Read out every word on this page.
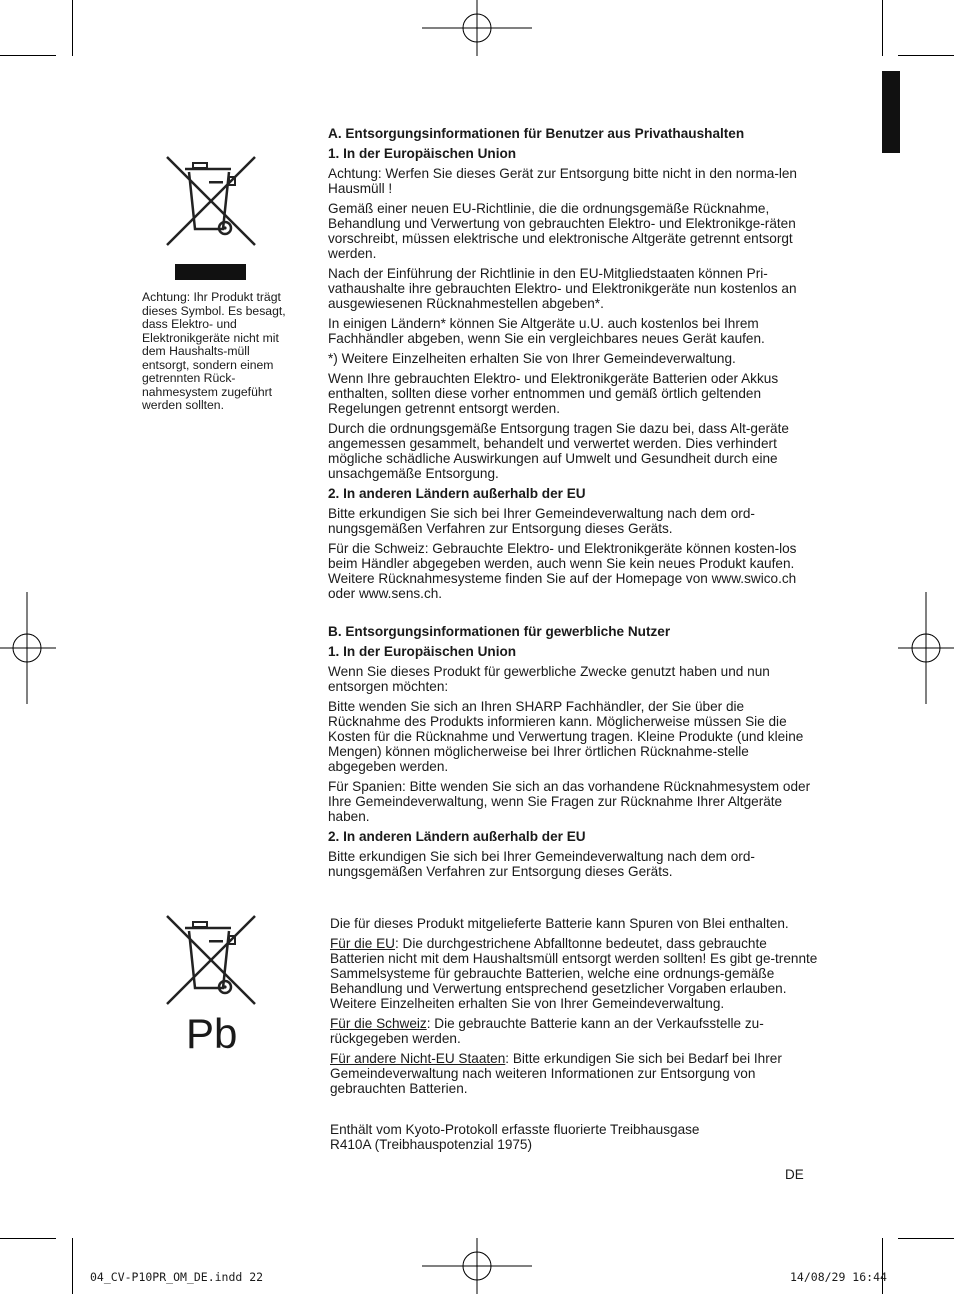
Achtung: Ihr Produkt trägt dieses Symbol. Es besagt, dass Elektro- und Elektronikgeräte nicht mit dem Haushalts-müll entsorgt, sondern einem getrennten Rück-nahmesystem zugeführt werden sollten.
A. Entsorgungsinformationen für Benutzer aus Privathaushalten
1. In der Europäischen Union

Achtung: Werfen Sie dieses Gerät zur Entsorgung bitte nicht in den norma-len Hausmüll !

Gemäß einer neuen EU-Richtlinie, die die ordnungsgemäße Rücknahme, Behandlung und Verwertung von gebrauchten Elektro- und Elektronikge-räten vorschreibt, müssen elektrische und elektronische Altgeräte getrennt entsorgt werden.

Nach der Einführung der Richtlinie in den EU-Mitgliedstaaten können Pri-vathaushalte ihre gebrauchten Elektro- und Elektronikgeräte nun kostenlos an ausgewiesenen Rücknahmestellen abgeben*.

In einigen Ländern* können Sie Altgeräte u.U. auch kostenlos bei Ihrem Fachhändler abgeben, wenn Sie ein vergleichbares neues Gerät kaufen.

*) Weitere Einzelheiten erhalten Sie von Ihrer Gemeindeverwaltung.

Wenn Ihre gebrauchten Elektro- und Elektronikgeräte Batterien oder Akkus enthalten, sollten diese vorher entnommen und gemäß örtlich geltenden Regelungen getrennt entsorgt werden.

Durch die ordnungsgemäße Entsorgung tragen Sie dazu bei, dass Alt-geräte angemessen gesammelt, behandelt und verwertet werden. Dies verhindert mögliche schädliche Auswirkungen auf Umwelt und Gesundheit durch eine unsachgemäße Entsorgung.

2. In anderen Ländern außerhalb der EU

Bitte erkundigen Sie sich bei Ihrer Gemeindeverwaltung nach dem ord-nungsgemäßen Verfahren zur Entsorgung dieses Geräts.

Für die Schweiz: Gebrauchte Elektro- und Elektronikgeräte können kosten-los beim Händler abgegeben werden, auch wenn Sie kein neues Produkt kaufen. Weitere Rücknahmesysteme finden Sie auf der Homepage von www.swico.ch oder www.sens.ch.

B. Entsorgungsinformationen für gewerbliche Nutzer
1. In der Europäischen Union

Wenn Sie dieses Produkt für gewerbliche Zwecke genutzt haben und nun entsorgen möchten:

Bitte wenden Sie sich an Ihren SHARP Fachhändler, der Sie über die Rücknahme des Produkts informieren kann. Möglicherweise müssen Sie die Kosten für die Rücknahme und Verwertung tragen. Kleine Produkte (und kleine Mengen) können möglicherweise bei Ihrer örtlichen Rücknahme-stelle abgegeben werden.

Für Spanien: Bitte wenden Sie sich an das vorhandene Rücknahmesystem oder Ihre Gemeindeverwaltung, wenn Sie Fragen zur Rücknahme Ihrer Altgeräte haben.

2. In anderen Ländern außerhalb der EU

Bitte erkundigen Sie sich bei Ihrer Gemeindeverwaltung nach dem ord-nungsgemäßen Verfahren zur Entsorgung dieses Geräts.

Pb

Die für dieses Produkt mitgelieferte Batterie kann Spuren von Blei enthalten.

Für die EU: Die durchgestrichene Abfalltonne bedeutet, dass gebrauchte Batterien nicht mit dem Haushaltsmüll entsorgt werden sollten! Es gibt ge-trennte Sammelsysteme für gebrauchte Batterien, welche eine ordnungs-gemäße Behandlung und Verwertung entsprechend gesetzlicher Vorgaben erlauben. Weitere Einzelheiten erhalten Sie von Ihrer Gemeindeverwaltung.

Für die Schweiz: Die gebrauchte Batterie kann an der Verkaufsstelle zu-rückgegeben werden.

Für andere Nicht-EU Staaten: Bitte erkundigen Sie sich bei Bedarf bei Ihrer Gemeindeverwaltung nach weiteren Informationen zur Entsorgung von gebrauchten Batterien.

Enthält vom Kyoto-Protokoll erfasste fluorierte Treibhausgase
R410A (Treibhauspotenzial 1975)
DE
04_CV-P10PR_OM_DE.indd 22	14/08/29 16:44
